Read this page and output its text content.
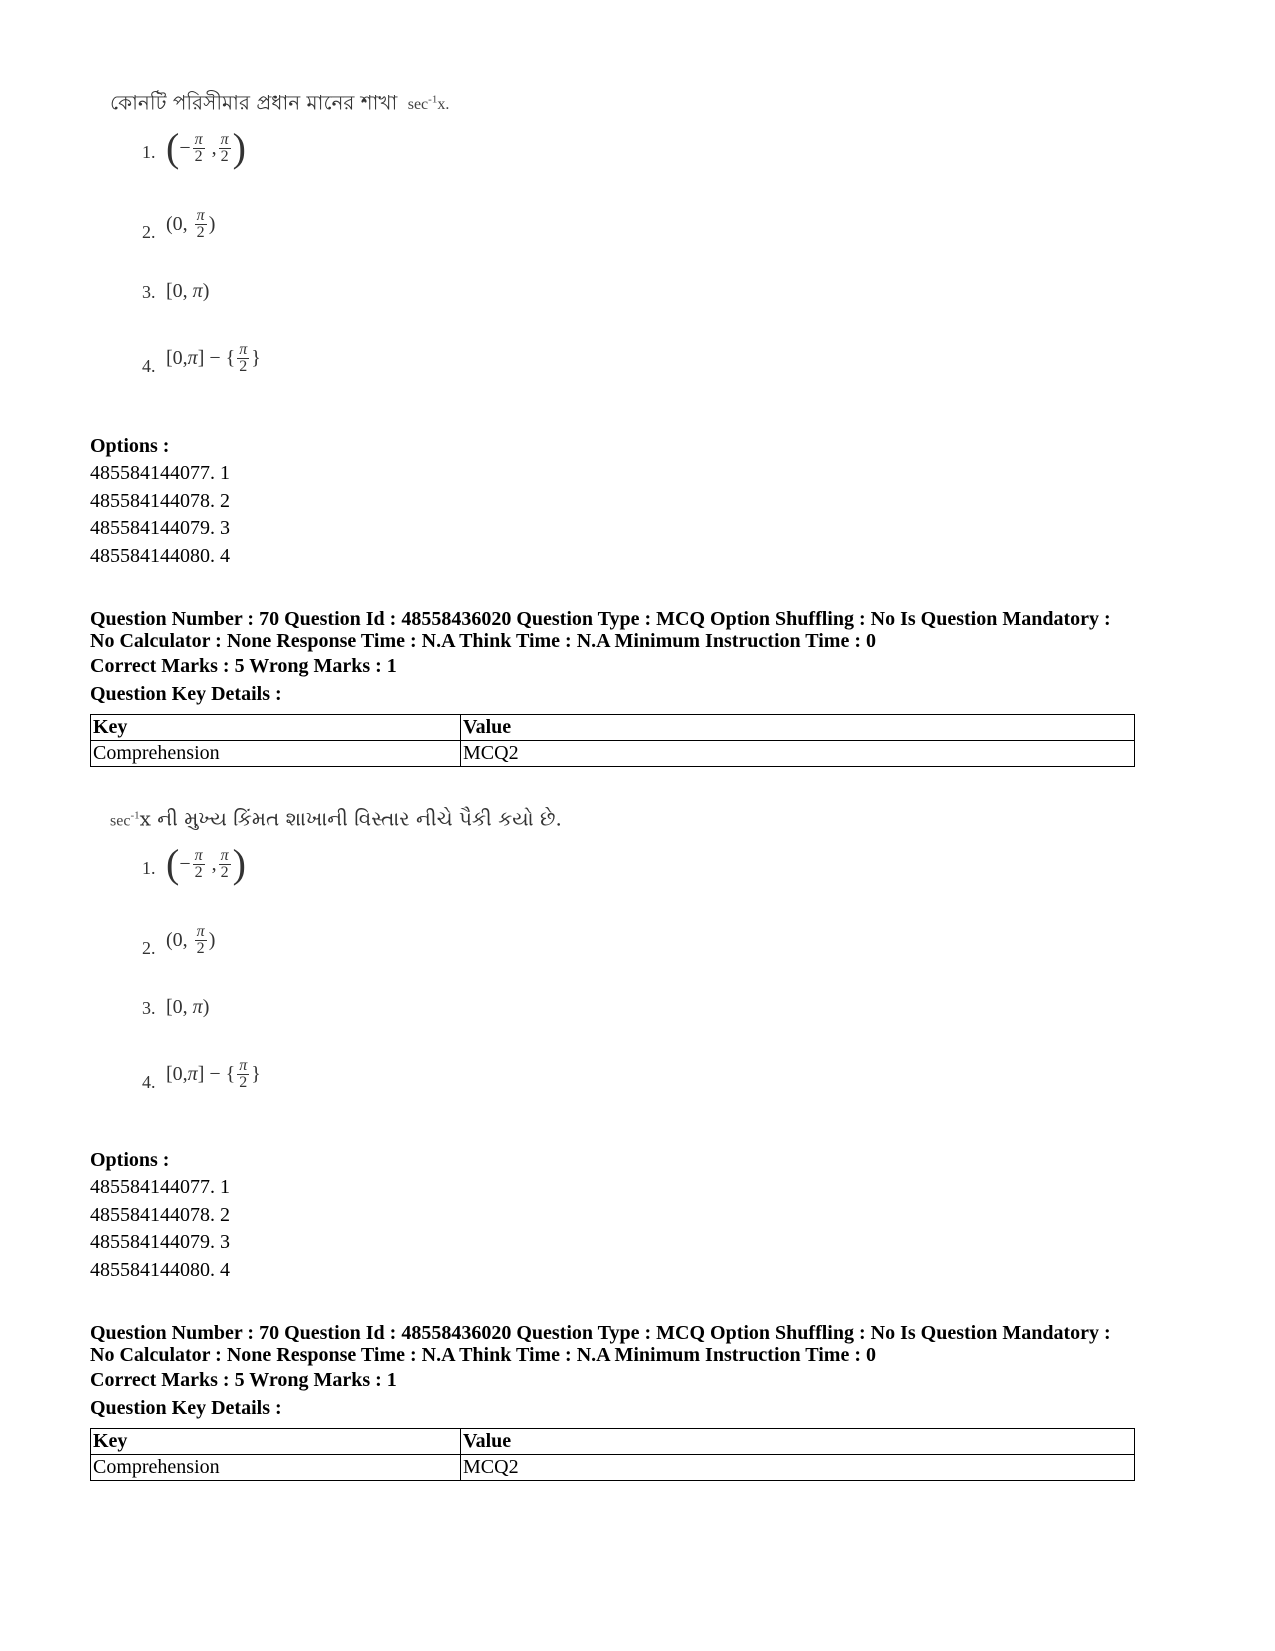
কোনটি পরিসীমার প্রধান মানের শাখা $\sec^{-1}x$.
1. ( − $\frac{\pi}{2}$ , $\frac{\pi}{2}$ )
2. (0, $\frac{\pi}{2}$ )
3. [0, π )
4. [0, π ] − { $\frac{\pi}{2}$ }
Options :
485584144077. 1
485584144078. 2
485584144079. 3
485584144080. 4
Question Number : 70 Question Id : 48558436020 Question Type : MCQ Option Shuffling : No Is Question Mandatory :
No Calculator : None Response Time : N.A Think Time : N.A Minimum Instruction Time : 0
Correct Marks : 5 Wrong Marks : 1
Question Key Details :
Key	Value
Comprehension	MCQ2
$\sec^{-1}x$ ની મુખ્ય કિંમત શાખાની વિસ્તાર નીચે પૈકી કયો છે.
1. ( − $\frac{\pi}{2}$ , $\frac{\pi}{2}$ )
2. (0, $\frac{\pi}{2}$ )
3. [0, π )
4. [0, π ] − { $\frac{\pi}{2}$ }
Options :
485584144077. 1
485584144078. 2
485584144079. 3
485584144080. 4
Question Number : 70 Question Id : 48558436020 Question Type : MCQ Option Shuffling : No Is Question Mandatory :
No Calculator : None Response Time : N.A Think Time : N.A Minimum Instruction Time : 0
Correct Marks : 5 Wrong Marks : 1
Question Key Details :
Key	Value
Comprehension	MCQ2
